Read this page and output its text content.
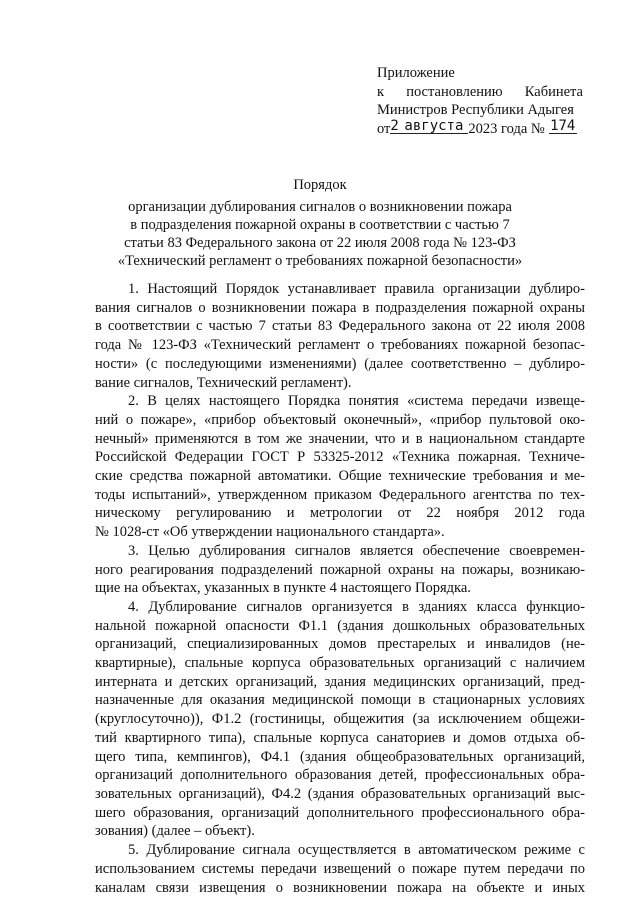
Приложение
к постановлению Кабинета
Министров Республики Адыгея
от 2 августа 2023 года № 174
Порядок
организации дублирования сигналов о возникновении пожара
в подразделения пожарной охраны в соответствии с частью 7
статьи 83 Федерального закона от 22 июля 2008 года № 123-ФЗ
«Технический регламент о требованиях пожарной безопасности»

1. Настоящий Порядок устанавливает правила организации дублиро-
вания сигналов о возникновении пожара в подразделения пожарной охраны
в соответствии с частью 7 статьи 83 Федерального закона от 22 июля 2008
года № 123-ФЗ «Технический регламент о требованиях пожарной безопас-
ности» (с последующими изменениями) (далее соответственно – дублиро-
вание сигналов, Технический регламент).

2. В целях настоящего Порядка понятия «система передачи извеще-
ний о пожаре», «прибор объектовый оконечный», «прибор пультовой око-
нечный» применяются в том же значении, что и в национальном стандарте
Российской Федерации ГОСТ Р 53325-2012 «Техника пожарная. Техниче-
ские средства пожарной автоматики. Общие технические требования и ме-
тоды испытаний», утвержденном приказом Федерального агентства по тех-
ническому регулированию и метрологии от 22 ноября 2012 года
№ 1028-ст «Об утверждении национального стандарта».

3. Целью дублирования сигналов является обеспечение своевремен-
ного реагирования подразделений пожарной охраны на пожары, возникаю-
щие на объектах, указанных в пункте 4 настоящего Порядка.

4. Дублирование сигналов организуется в зданиях класса функцио-
нальной пожарной опасности Ф1.1 (здания дошкольных образовательных
организаций, специализированных домов престарелых и инвалидов (не-
квартирные), спальные корпуса образовательных организаций с наличием
интерната и детских организаций, здания медицинских организаций, пред-
назначенные для оказания медицинской помощи в стационарных условиях
(круглосуточно)), Ф1.2 (гостиницы, общежития (за исключением общежи-
тий квартирного типа), спальные корпуса санаториев и домов отдыха об-
щего типа, кемпингов), Ф4.1 (здания общеобразовательных организаций,
организаций дополнительного образования детей, профессиональных обра-
зовательных организаций), Ф4.2 (здания образовательных организаций выс-
шего образования, организаций дополнительного профессионального обра-
зования) (далее – объект).

5. Дублирование сигнала осуществляется в автоматическом режиме с
использованием системы передачи извещений о пожаре путем передачи по
каналам связи извещения о возникновении пожара на объекте и иных
